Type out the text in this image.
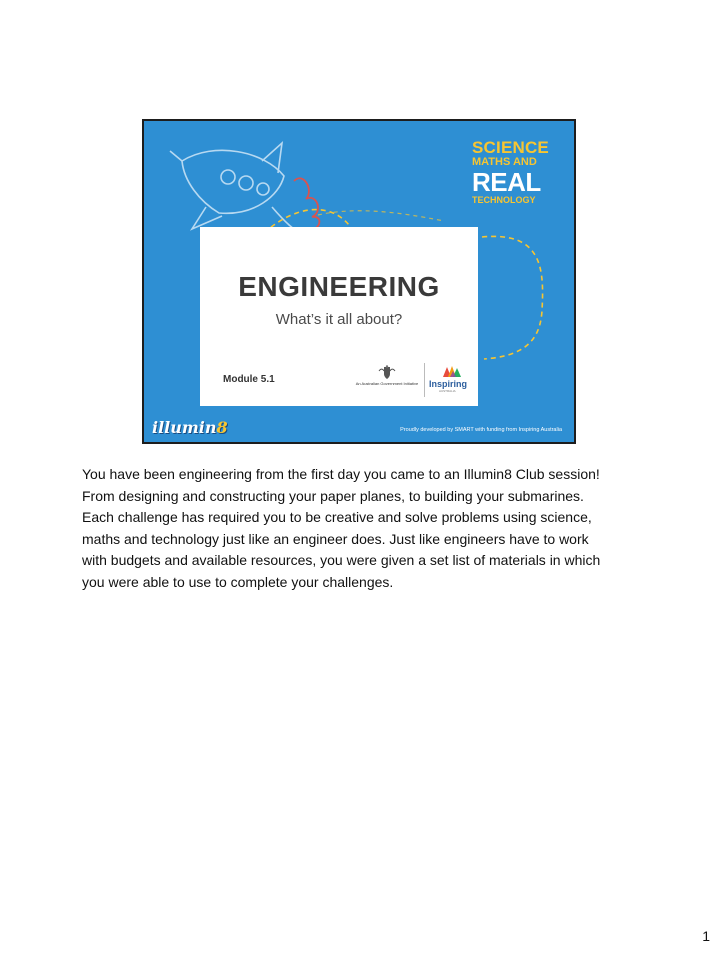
SCIENCE
MATHS AND
REAL
TECHNOLOGY
ENGINEERING
What’s it all about?
Module 5.1	An Australian Government Initiative	Inspiring
AUSTRALIA
illumin8	Proudly developed by SMART with funding from Inspiring Australia
You have been engineering from the first day you came to an Illumin8 Club session!
From designing and constructing your paper planes, to building your submarines.
Each challenge has required you to be creative and solve problems using science,
maths and technology just like an engineer does. Just like engineers have to work
with budgets and available resources, you were given a set list of materials in which
you were able to use to complete your challenges.
1
